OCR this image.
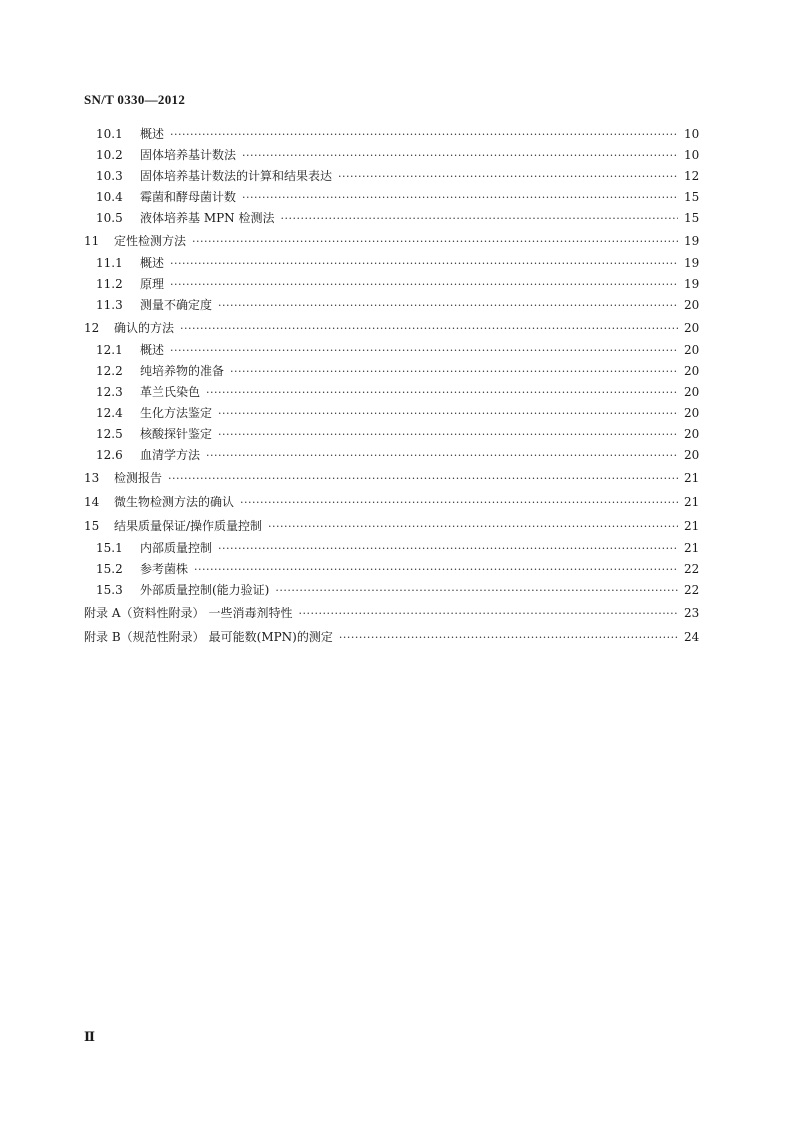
SN/T 0330—2012
10.1	概述 ·····	10
10.2	固体培养基计数法 ·····	10
10.3	固体培养基计数法的计算和结果表达 ·····	12
10.4	霉菌和酵母菌计数 ·····	15
10.5	液体培养基 MPN 检测法 ·····	15
11	定性检测方法 ·····	19
11.1	概述 ·····	19
11.2	原理 ·····	19
11.3	测量不确定度 ·····	20
12	确认的方法 ·····	20
12.1	概述 ·····	20
12.2	纯培养物的准备 ·····	20
12.3	革兰氏染色 ·····	20
12.4	生化方法鉴定 ·····	20
12.5	核酸探针鉴定 ·····	20
12.6	血清学方法 ·····	20
13	检测报告 ·····	21
14	微生物检测方法的确认 ·····	21
15	结果质量保证/操作质量控制 ·····	21
15.1	内部质量控制 ·····	21
15.2	参考菌株 ·····	22
15.3	外部质量控制(能力验证) ·····	22
附录 A（资料性附录） 一些消毒剂特性 ·····	23
附录 B（规范性附录） 最可能数(MPN)的测定 ·····	24
Ⅱ
